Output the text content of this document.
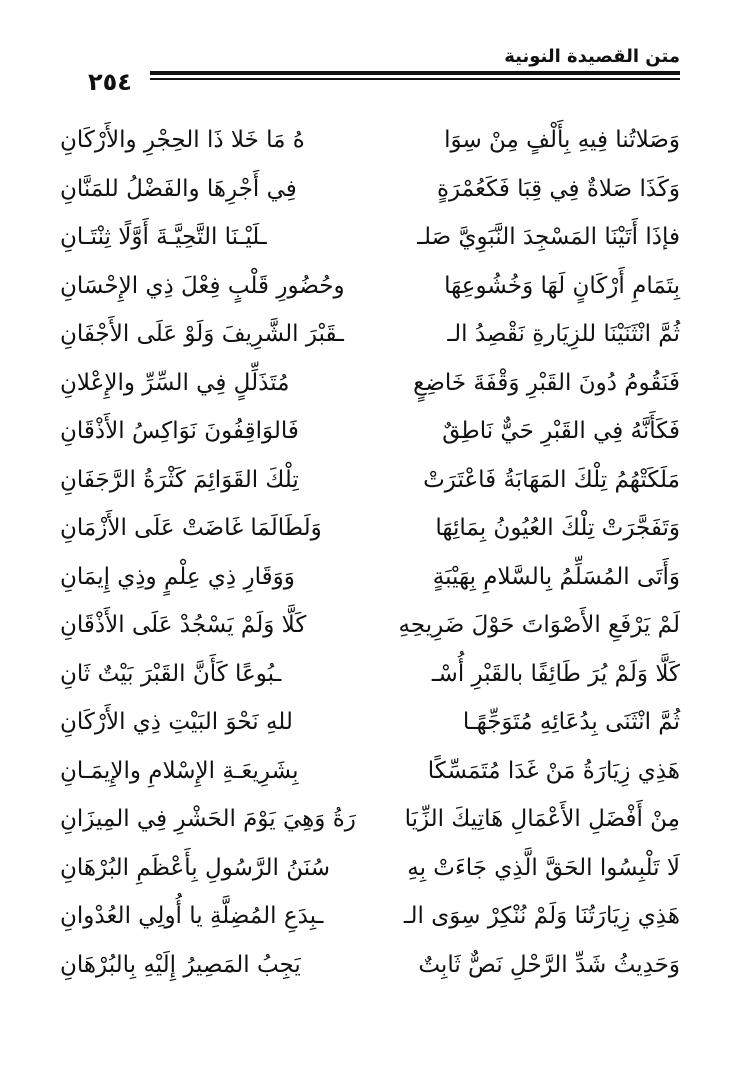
متن القصيدة النونية
٢٥٤
وَصَلاتُنا فِيهِ بِأَلْفٍ مِنْ سِوَا
هُ مَا خَلا ذَا الحِجْرِ والأَرْكَانِ
وَكَذَا صَلاةٌ فِي قِبَا فَكَعُمْرَةٍ
فِي أَجْرِهَا والفَضْلُ للمَنَّانِ
فإذَا أَتَيْنَا المَسْجِدَ النَّبَوِيَّ صَلـ
ـلَيْـنَا التَّحِيَّـةَ أَوَّلًا ثِنْتَـانِ
بِتَمَامِ أَرْكَانٍ لَهَا وَخُشُوعِهَا
وحُضُورِ قَلْبٍ فِعْلَ ذِي الإِحْسَانِ
ثُمَّ انْثَنَيْنَا للزِيَارةِ نَقْصِدُ الـ
ـقَبْرَ الشَّرِيفَ وَلَوْ عَلَى الأَجْفَانِ
فَنَقُومُ دُونَ القَبْرِ وَقْفَةَ خَاضِعٍ
مُتَذَلِّلٍ فِي السِّرِّ والإِعْلانِ
فَكَأَنَّهُ فِي القَبْرِ حَيٌّ نَاطِقٌ
فَالوَاقِفُونَ نَوَاكِسُ الأَذْقَانِ
مَلَكَتْهُمُ تِلْكَ المَهَابَةُ فَاعْتَرَتْ
تِلْكَ القَوَائِمَ كَثْرَةُ الرَّجَفَانِ
وَتَفَجَّرَتْ تِلْكَ العُيُونُ بِمَائِهَا
وَلَطَالَمَا غَاضَتْ عَلَى الأَزْمَانِ
وَأَتَى المُسَلِّمُ بِالسَّلامِ بِهَيْبَةٍ
وَوَقَارِ ذِي عِلْمٍ وذِي إِيمَانِ
لَمْ يَرْفَعِ الأَصْوَاتَ حَوْلَ ضَرِيحِهِ
كَلَّا وَلَمْ يَسْجُدْ عَلَى الأَذْقَانِ
كَلَّا وَلَمْ يُرَ طَائِفًا بالقَبْرِ أُسْـ
ـبُوعًا كَأَنَّ القَبْرَ بَيْتٌ ثَانِ
ثُمَّ انْثَنَى بِدُعَائِهِ مُتَوَجِّهًـا
للهِ نَحْوَ البَيْتِ ذِي الأَرْكَانِ
هَذِي زِيَارَةُ مَنْ غَدَا مُتَمَسِّكًا
بِشَرِيعَـةِ الإِسْلامِ والإِيمَـانِ
مِنْ أَفْضَلِ الأَعْمَالِ هَاتِيكَ الزِّيَا
رَةُ وَهِيَ يَوْمَ الحَشْرِ فِي المِيزَانِ
لَا تَلْبِسُوا الحَقَّ الَّذِي جَاءَتْ بِهِ
سُنَنُ الرَّسُولِ بِأَعْظَمِ البُرْهَانِ
هَذِي زِيَارَتُنَا وَلَمْ نُنْكِرْ سِوَى الـ
ـبِدَعِ المُضِلَّةِ يا أُولِي العُدْوانِ
وَحَدِيثُ شَدِّ الرَّحْلِ نَصٌّ ثَابِتٌ
يَجِبُ المَصِيرُ إِلَيْهِ بِالبُرْهَانِ
